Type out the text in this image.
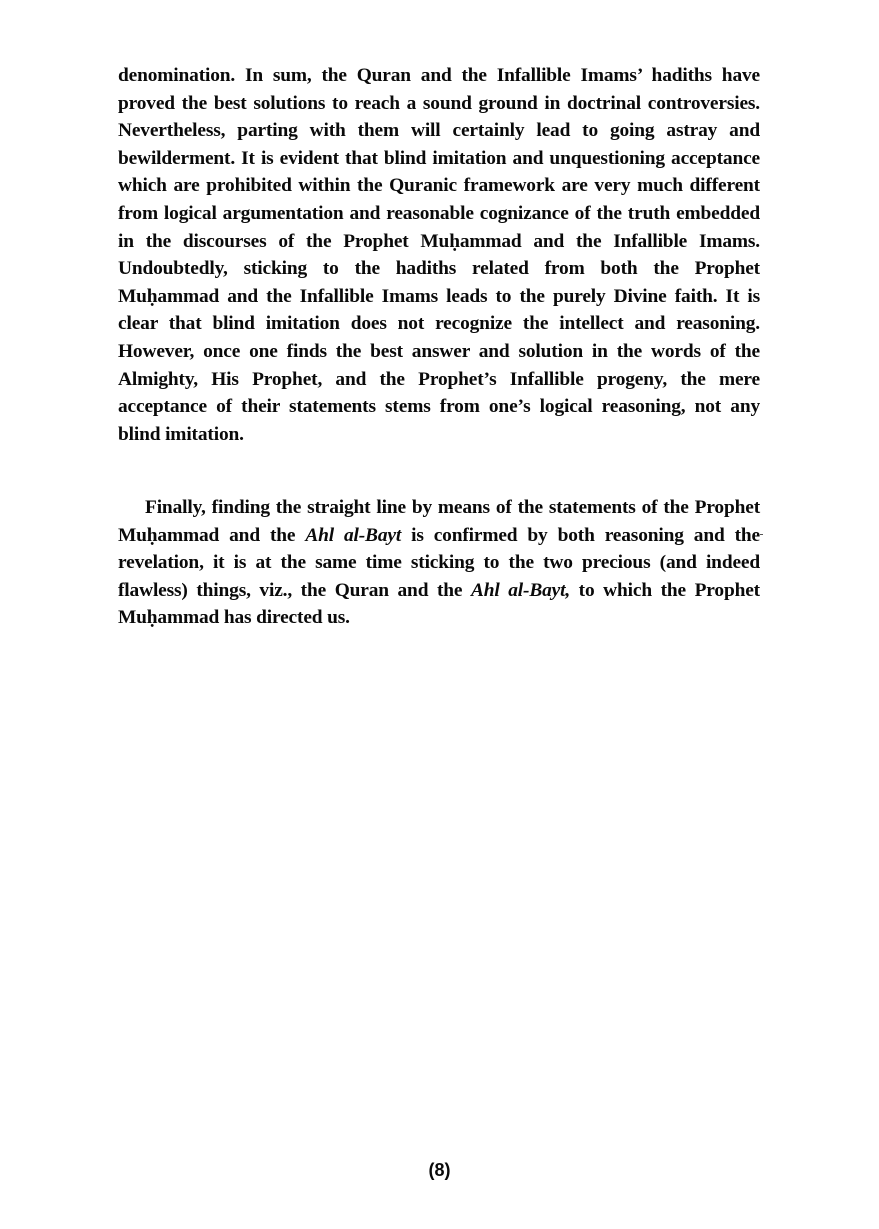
denomination. In sum, the Quran and the Infallible Imams’ hadiths have proved the best solutions to reach a sound ground in doctrinal controversies. Nevertheless, parting with them will certainly lead to going astray and bewilderment. It is evident that blind imitation and unquestioning acceptance which are prohibited within the Quranic framework are very much different from logical argumentation and reasonable cognizance of the truth embedded in the discourses of the Prophet Muḥammad and the Infallible Imams. Undoubtedly, sticking to the hadiths related from both the Prophet Muḥammad and the Infallible Imams leads to the purely Divine faith. It is clear that blind imitation does not recognize the intellect and reasoning. However, once one finds the best answer and solution in the words of the Almighty, His Prophet, and the Prophet’s Infallible progeny, the mere acceptance of their statements stems from one’s logical reasoning, not any blind imitation.

Finally, finding the straight line by means of the statements of the Prophet Muḥammad and the Ahl al-Bayt is confirmed by both reasoning and the revelation, it is at the same time sticking to the two precious (and indeed flawless) things, viz., the Quran and the Ahl al-Bayt, to which the Prophet Muḥammad has directed us.

(8)
